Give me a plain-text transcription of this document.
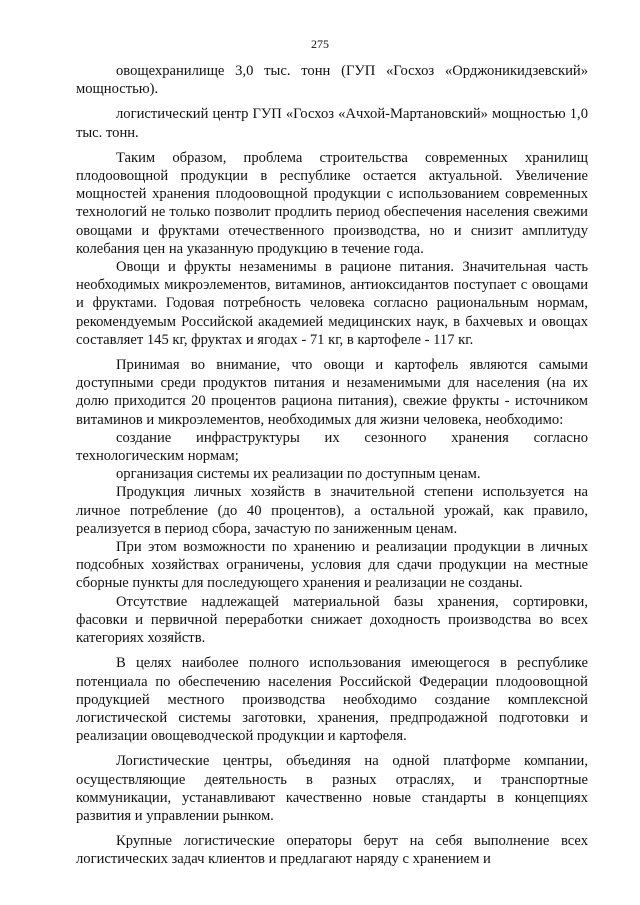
275

овощехранилище 3,0 тыс. тонн (ГУП «Госхоз «Орджоникидзевский» мощностью).

логистический центр ГУП «Госхоз «Ачхой-Мартановский» мощностью 1,0 тыс. тонн.

Таким образом, проблема строительства современных хранилищ плодоовощной продукции в республике остается актуальной. Увеличение мощностей хранения плодоовощной продукции с использованием современных технологий не только позволит продлить период обеспечения населения свежими овощами и фруктами отечественного производства, но и снизит амплитуду колебания цен на указанную продукцию в течение года.

Овощи и фрукты незаменимы в рационе питания. Значительная часть необходимых микроэлементов, витаминов, антиоксидантов поступает с овощами и фруктами. Годовая потребность человека согласно рациональным нормам, рекомендуемым Российской академией медицинских наук, в бахчевых и овощах составляет 145 кг, фруктах и ягодах - 71 кг, в картофеле - 117 кг.

Принимая во внимание, что овощи и картофель являются самыми доступными среди продуктов питания и незаменимыми для населения (на их долю приходится 20 процентов рациона питания), свежие фрукты - источником витаминов и микроэлементов, необходимых для жизни человека, необходимо:

создание инфраструктуры их сезонного хранения согласно технологическим нормам;

организация системы их реализации по доступным ценам.

Продукция личных хозяйств в значительной степени используется на личное потребление (до 40 процентов), а остальной урожай, как правило, реализуется в период сбора, зачастую по заниженным ценам.

При этом возможности по хранению и реализации продукции в личных подсобных хозяйствах ограничены, условия для сдачи продукции на местные сборные пункты для последующего хранения и реализации не созданы.

Отсутствие надлежащей материальной базы хранения, сортировки, фасовки и первичной переработки снижает доходность производства во всех категориях хозяйств.

В целях наиболее полного использования имеющегося в республике потенциала по обеспечению населения Российской Федерации плодоовощной продукцией местного производства необходимо создание комплексной логистической системы заготовки, хранения, предпродажной подготовки и реализации овощеводческой продукции и картофеля.

Логистические центры, объединяя на одной платформе компании, осуществляющие деятельность в разных отраслях, и транспортные коммуникации, устанавливают качественно новые стандарты в концепциях развития и управлении рынком.

Крупные логистические операторы берут на себя выполнение всех логистических задач клиентов и предлагают наряду с хранением и
